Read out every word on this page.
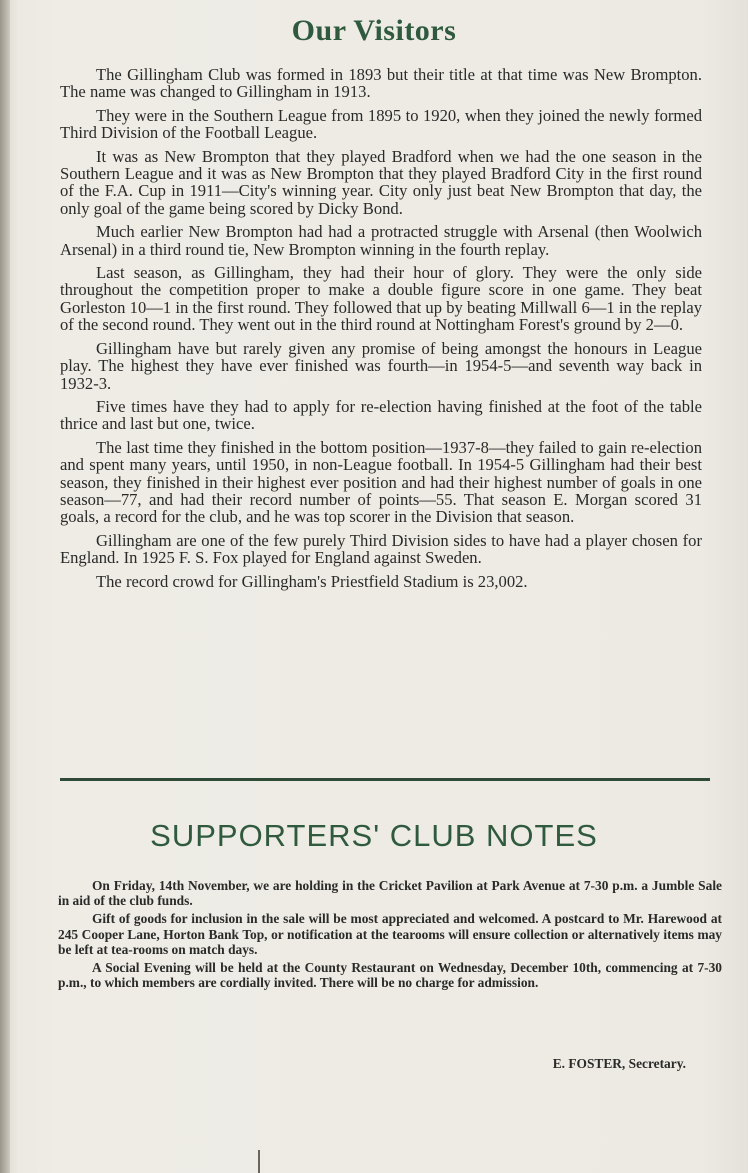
Our Visitors

The Gillingham Club was formed in 1893 but their title at that time was New Brompton. The name was changed to Gillingham in 1913.

They were in the Southern League from 1895 to 1920, when they joined the newly formed Third Division of the Football League.

It was as New Brompton that they played Bradford when we had the one season in the Southern League and it was as New Brompton that they played Bradford City in the first round of the F.A. Cup in 1911—City's winning year. City only just beat New Brompton that day, the only goal of the game being scored by Dicky Bond.

Much earlier New Brompton had had a protracted struggle with Arsenal (then Woolwich Arsenal) in a third round tie, New Brompton winning in the fourth replay.

Last season, as Gillingham, they had their hour of glory. They were the only side throughout the competition proper to make a double figure score in one game. They beat Gorleston 10—1 in the first round. They followed that up by beating Millwall 6—1 in the replay of the second round. They went out in the third round at Nottingham Forest's ground by 2—0.

Gillingham have but rarely given any promise of being amongst the honours in League play. The highest they have ever finished was fourth—in 1954-5—and seventh way back in 1932-3.

Five times have they had to apply for re-election having finished at the foot of the table thrice and last but one, twice.

The last time they finished in the bottom position—1937-8—they failed to gain re-election and spent many years, until 1950, in non-League football. In 1954-5 Gillingham had their best season, they finished in their highest ever position and had their highest number of goals in one season—77, and had their record number of points—55. That season E. Morgan scored 31 goals, a record for the club, and he was top scorer in the Division that season.

Gillingham are one of the few purely Third Division sides to have had a player chosen for England. In 1925 F. S. Fox played for England against Sweden.

The record crowd for Gillingham's Priestfield Stadium is 23,002.

SUPPORTERS' CLUB NOTES

On Friday, 14th November, we are holding in the Cricket Pavilion at Park Avenue at 7-30 p.m. a Jumble Sale in aid of the club funds.

Gift of goods for inclusion in the sale will be most appreciated and welcomed. A postcard to Mr. Harewood at 245 Cooper Lane, Horton Bank Top, or notification at the tearooms will ensure collection or alternatively items may be left at tea-rooms on match days.

A Social Evening will be held at the County Restaurant on Wednesday, December 10th, commencing at 7-30 p.m., to which members are cordially invited. There will be no charge for admission.

E. FOSTER, Secretary.
